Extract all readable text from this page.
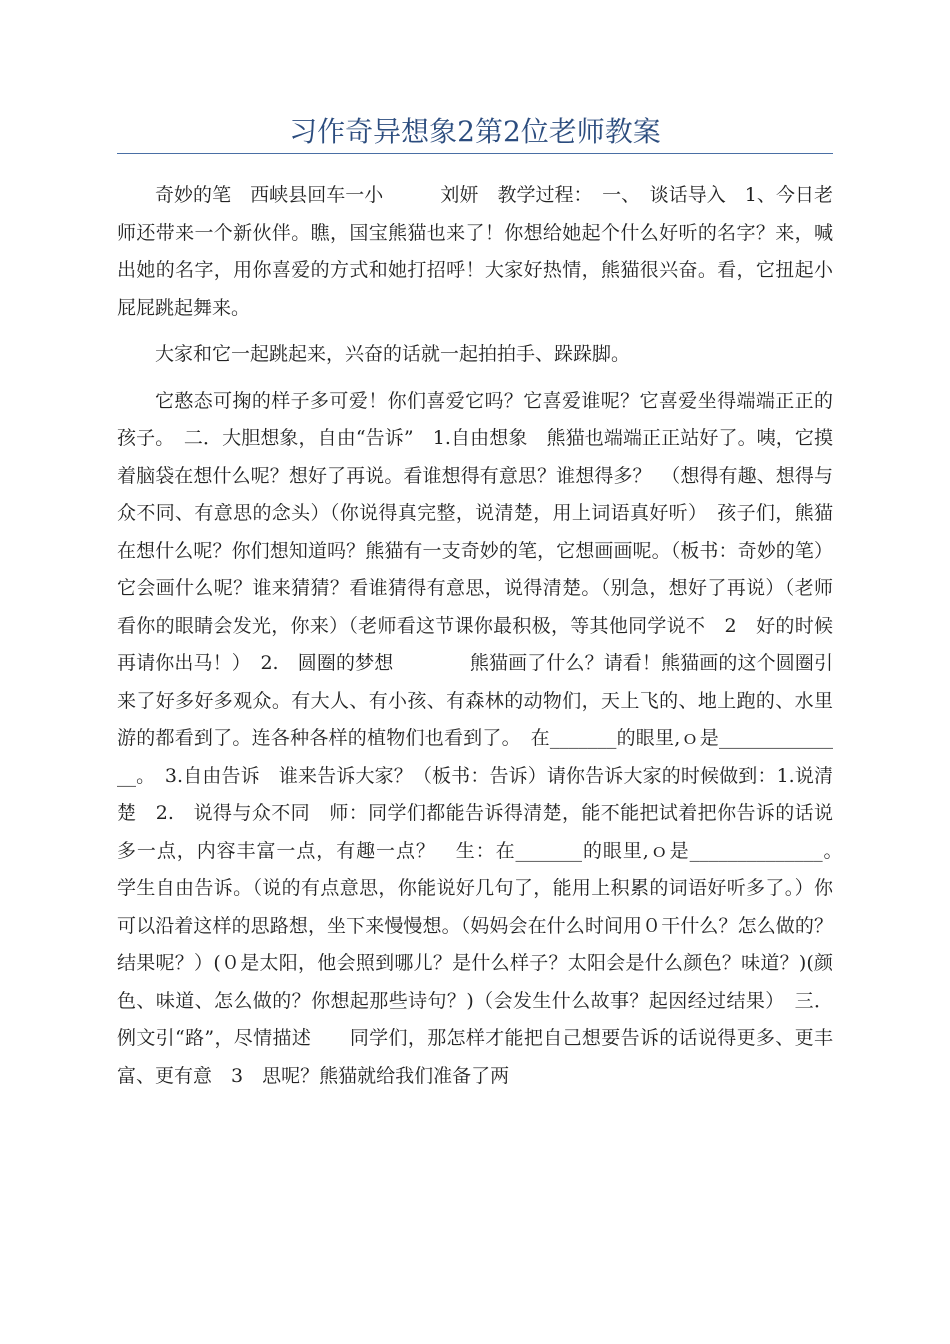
习作奇异想象2第2位老师教案

奇妙的笔　西峡县回车一小　　　刘妍　教学过程：　一、　谈话导入　1、今日老师还带来一个新伙伴。瞧，国宝熊猫也来了！你想给她起个什么好听的名字？来，喊出她的名字，用你喜爱的方式和她打招呼！大家好热情，熊猫很兴奋。看，它扭起小屁屁跳起舞来。

大家和它一起跳起来，兴奋的话就一起拍拍手、跺跺脚。

它憨态可掬的样子多可爱！你们喜爱它吗？它喜爱谁呢？它喜爱坐得端端正正的孩子。　二．大胆想象，自由“告诉”　1.自由想象　熊猫也端端正正站好了。咦，它摸着脑袋在想什么呢？想好了再说。看谁想得有意思？谁想得多？　（想得有趣、想得与众不同、有意思的念头）（你说得真完整，说清楚，用上词语真好听）　孩子们，熊猫在想什么呢？你们想知道吗？熊猫有一支奇妙的笔，它想画画呢。（板书：奇妙的笔）它会画什么呢？谁来猜猜？看谁猜得有意思，说得清楚。（别急，想好了再说）（老师看你的眼睛会发光，你来）（老师看这节课你最积极，等其他同学说不　2　好的时候再请你出马！）　2.　圆圈的梦想　　　　熊猫画了什么？请看！熊猫画的这个圆圈引来了好多好多观众。有大人、有小孩、有森林的动物们，天上飞的、地上跑的、水里游的都看到了。连各种各样的植物们也看到了。　在_______的眼里,ｏ是______________。　3.自由告诉　谁来告诉大家？（板书：告诉）请你告诉大家的时候做到：1.说清楚　2.　说得与众不同　师：同学们都能告诉得清楚，能不能把试着把你告诉的话说多一点，内容丰富一点，有趣一点？　生：在_______的眼里,ｏ是______________。　学生自由告诉。（说的有点意思，你能说好几句了，能用上积累的词语好听多了。）你可以沿着这样的思路想，坐下来慢慢想。（妈妈会在什么时间用０干什么？怎么做的？结果呢？）(０是太阳，他会照到哪儿？是什么样子？太阳会是什么颜色？味道？)(颜色、味道、怎么做的？你想起那些诗句？)（会发生什么故事？起因经过结果）　三．例文引“路”，尽情描述　　同学们，那怎样才能把自己想要告诉的话说得更多、更丰富、更有意　3　思呢？熊猫就给我们准备了两
